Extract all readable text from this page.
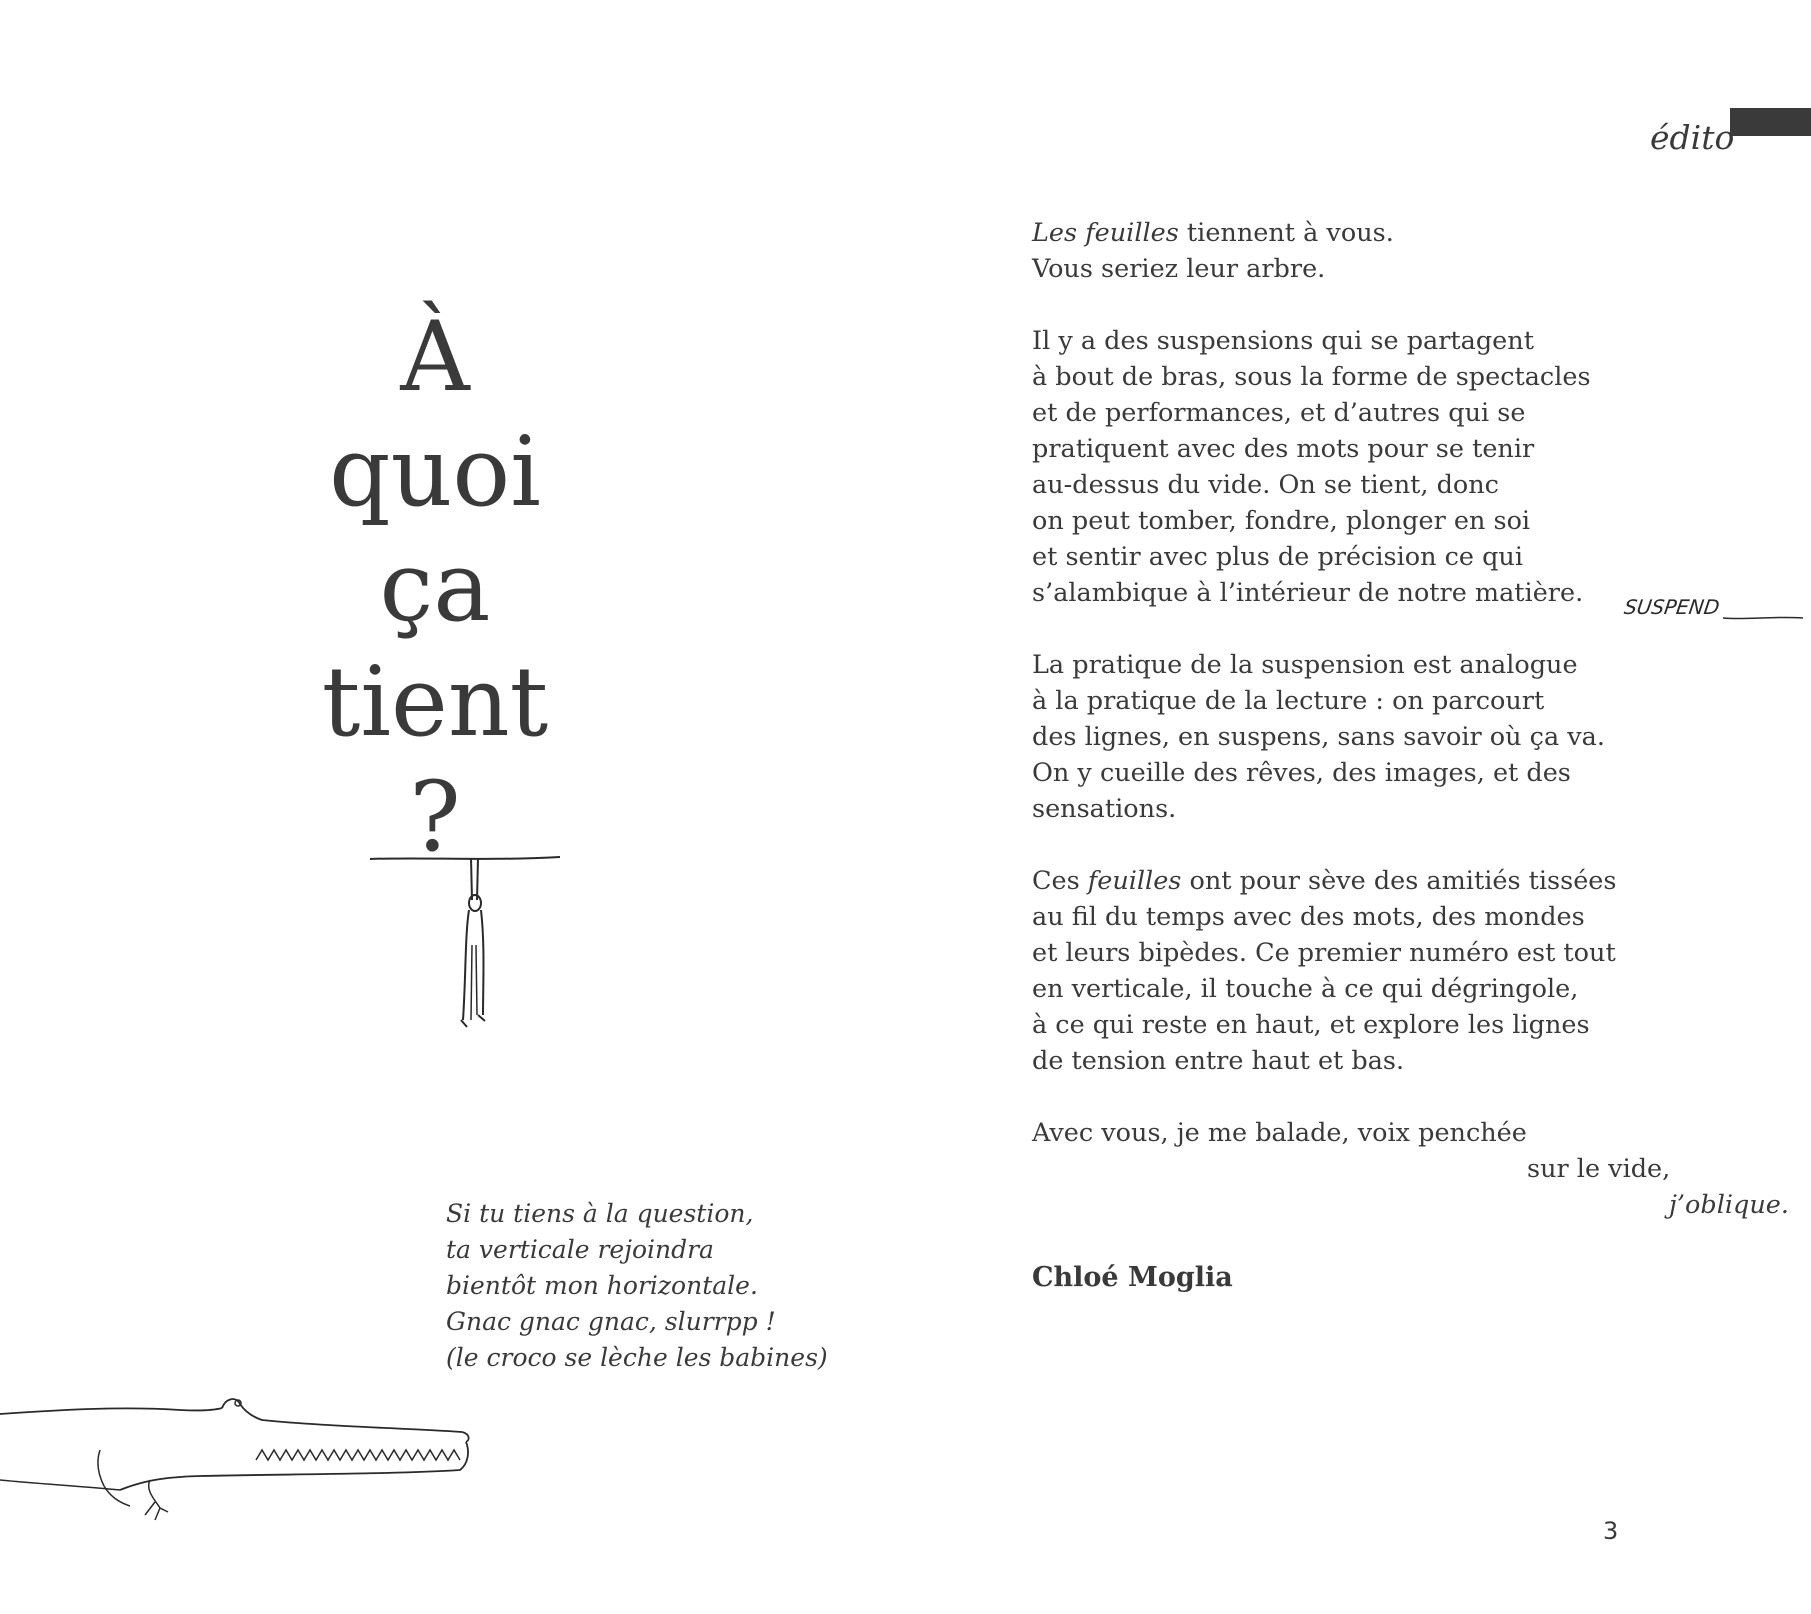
édito
À
quoi
ça
tient
?

Les feuilles tiennent à vous.
Vous seriez leur arbre.

Il y a des suspensions qui se partagent
à bout de bras, sous la forme de spectacles
et de performances, et d’autres qui se
pratiquent avec des mots pour se tenir
au-dessus du vide. On se tient, donc
on peut tomber, fondre, plonger en soi
et sentir avec plus de précision ce qui
s’alambique à l’intérieur de notre matière.

La pratique de la suspension est analogue
à la pratique de la lecture : on parcourt
des lignes, en suspens, sans savoir où ça va.
On y cueille des rêves, des images, et des
sensations.

Ces feuilles ont pour sève des amitiés tissées
au fil du temps avec des mots, des mondes
et leurs bipèdes. Ce premier numéro est tout
en verticale, il touche à ce qui dégringole,
à ce qui reste en haut, et explore les lignes
de tension entre haut et bas.

Avec vous, je me balade, voix penchée
sur le vide,
j’oblique.

SUSPEND
Chloé Moglia
Si tu tiens à la question,
ta verticale rejoindra
bientôt mon horizontale.
Gnac gnac gnac, slurrpp !
(le croco se lèche les babines)
3
